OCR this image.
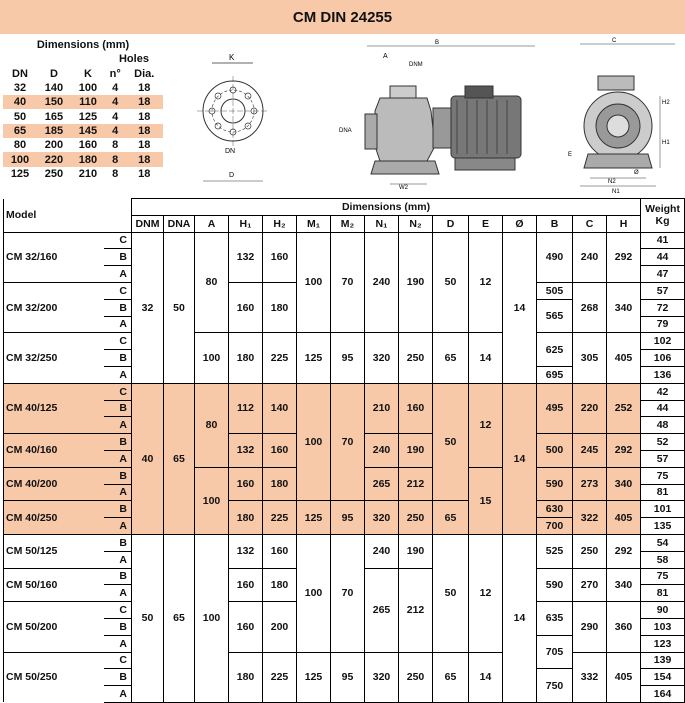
CM DIN 24255
Dimensions (mm)				
			Holes	
DN	D	K	n°	Dia.
32	140	100	4	18
40	150	110	4	18
50	165	125	4	18
65	185	145	4	18
80	200	160	8	18
100	220	180	8	18
125	250	210	8	18
K
DN
D
B
A
DNM
DNA
W2
C
H2
H1
E
Ø
N2
N1
Model		Dimensions (mm)															Weight
Kg
		DNM	DNA	A	H₁	H₂	M₁	M₂	N₁	N₂	D	E	Ø	B	C	H	
CM 32/160	C	32	50	80	132	160	100	70	240	190	50	12	14	490	240	292	41
	B																44
	A																47
CM 32/200	C				160	180								505	268	340	57
	B													565			72
	A																79
CM 32/250	C			100	180	225	125	95	320	250	65	14		625	305	405	102
	B																106
	A													695			136
CM 40/125	C	40	65	80	112	140	100	70	210	160	50	12	14	495	220	252	42
	B																44
	A																48
CM 40/160	B				132	160			240	190				500	245	292	52
	A																57
CM 40/200	B			100	160	180			265	212		15		590	273	340	75
	A																81
CM 40/250	B				180	225	125	95	320	250	65			630	322	405	101
	A													700			135
CM 50/125	B	50	65	100	132	160	100	70	240	190	50	12	14	525	250	292	54
	A																58
CM 50/160	B				160	180			265	212				590	270	340	75
	A																81
CM 50/200	C				160	200								635	290	360	90
	B																103
	A													705			123
CM 50/250	C				180	225	125	95	320	250	65	14			332	405	139
	B													750			154
	A																164
